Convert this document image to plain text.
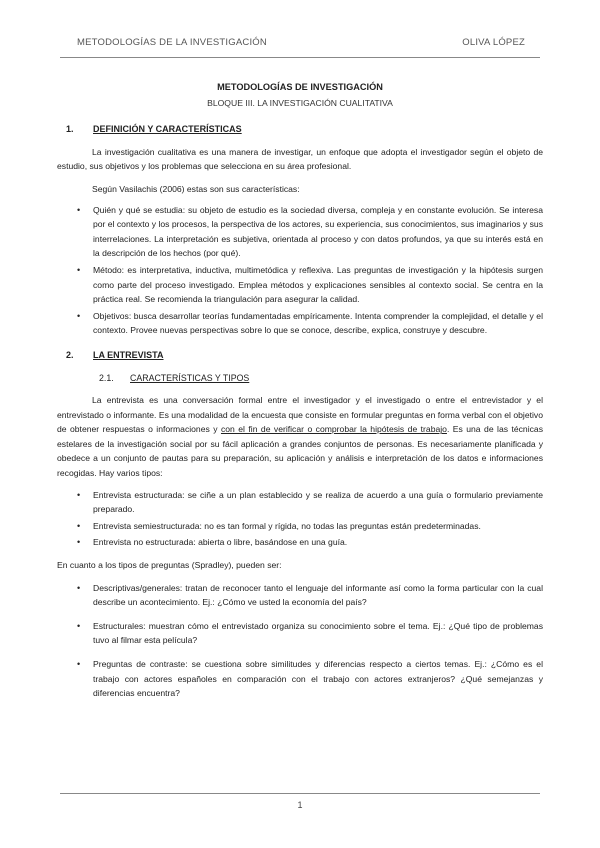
METODOLOGÍAS DE LA INVESTIGACIÓN	OLIVA LÓPEZ

METODOLOGÍAS DE INVESTIGACIÓN

BLOQUE III. LA INVESTIGACIÓN CUALITATIVA

1. DEFINICIÓN Y CARACTERÍSTICAS

La investigación cualitativa es una manera de investigar, un enfoque que adopta el investigador según el objeto de estudio, sus objetivos y los problemas que selecciona en su área profesional.

Según Vasilachis (2006) estas son sus características:

• Quién y qué se estudia: su objeto de estudio es la sociedad diversa, compleja y en constante evolución. Se interesa por el contexto y los procesos, la perspectiva de los actores, su experiencia, sus conocimientos, sus imaginarios y sus interrelaciones. La interpretación es subjetiva, orientada al proceso y con datos profundos, ya que su interés está en la descripción de los hechos (por qué).
• Método: es interpretativa, inductiva, multimetódica y reflexiva. Las preguntas de investigación y la hipótesis surgen como parte del proceso investigado. Emplea métodos y explicaciones sensibles al contexto social. Se centra en la práctica real. Se recomienda la triangulación para asegurar la calidad.
• Objetivos: busca desarrollar teorías fundamentadas empíricamente. Intenta comprender la complejidad, el detalle y el contexto. Provee nuevas perspectivas sobre lo que se conoce, describe, explica, construye y descubre.
2. LA ENTREVISTA
2.1. CARACTERÍSTICAS Y TIPOS

La entrevista es una conversación formal entre el investigador y el investigado o entre el entrevistador y el entrevistado o informante. Es una modalidad de la encuesta que consiste en formular preguntas en forma verbal con el objetivo de obtener respuestas o informaciones y con el fin de verificar o comprobar la hipótesis de trabajo. Es una de las técnicas estelares de la investigación social por su fácil aplicación a grandes conjuntos de personas. Es necesariamente planificada y obedece a un conjunto de pautas para su preparación, su aplicación y análisis e interpretación de los datos e informaciones recogidas. Hay varios tipos:

• Entrevista estructurada: se ciñe a un plan establecido y se realiza de acuerdo a una guía o formulario previamente preparado.
• Entrevista semiestructurada: no es tan formal y rígida, no todas las preguntas están predeterminadas.
• Entrevista no estructurada: abierta o libre, basándose en una guía.

En cuanto a los tipos de preguntas (Spradley), pueden ser:

• Descriptivas/generales: tratan de reconocer tanto el lenguaje del informante así como la forma particular con la cual describe un acontecimiento. Ej.: ¿Cómo ve usted la economía del país?
• Estructurales: muestran cómo el entrevistado organiza su conocimiento sobre el tema. Ej.: ¿Qué tipo de problemas tuvo al filmar esta película?
• Preguntas de contraste: se cuestiona sobre similitudes y diferencias respecto a ciertos temas. Ej.: ¿Cómo es el trabajo con actores españoles en comparación con el trabajo con actores extranjeros? ¿Qué semejanzas y diferencias encuentra?
1
